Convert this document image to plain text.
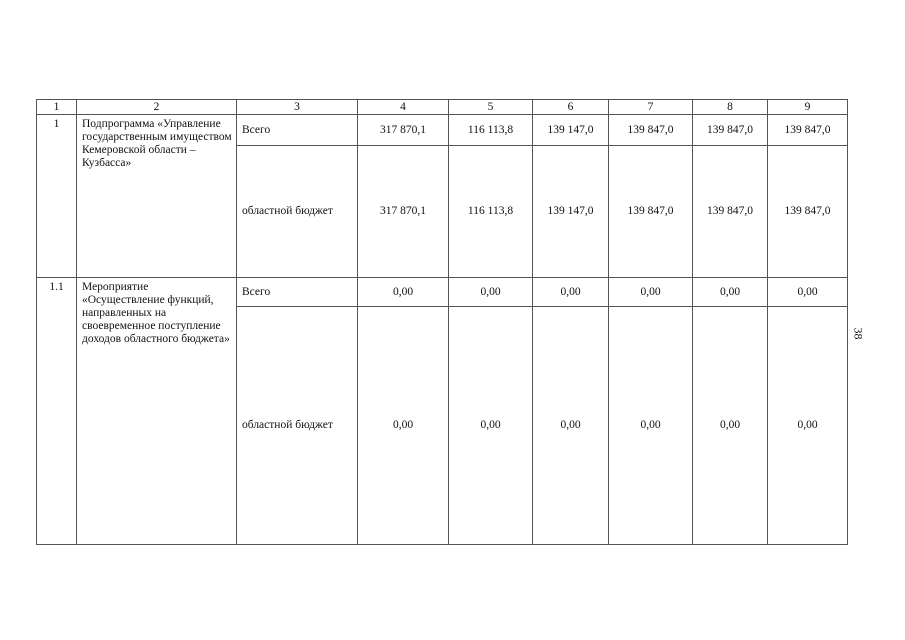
1	2	3	4	5	6	7	8	9
1	Подпрограмма «Управление государственным имуществом Кемеровской области – Кузбасса»	Всего	317 870,1	116 113,8	139 147,0	139 847,0	139 847,0	139 847,0
		областной бюджет	317 870,1	116 113,8	139 147,0	139 847,0	139 847,0	139 847,0
1.1	Мероприятие «Осуществление функций, направленных на своевременное поступление доходов областного бюджета»	Всего	0,00	0,00	0,00	0,00	0,00	0,00
		областной бюджет	0,00	0,00	0,00	0,00	0,00	0,00
38
